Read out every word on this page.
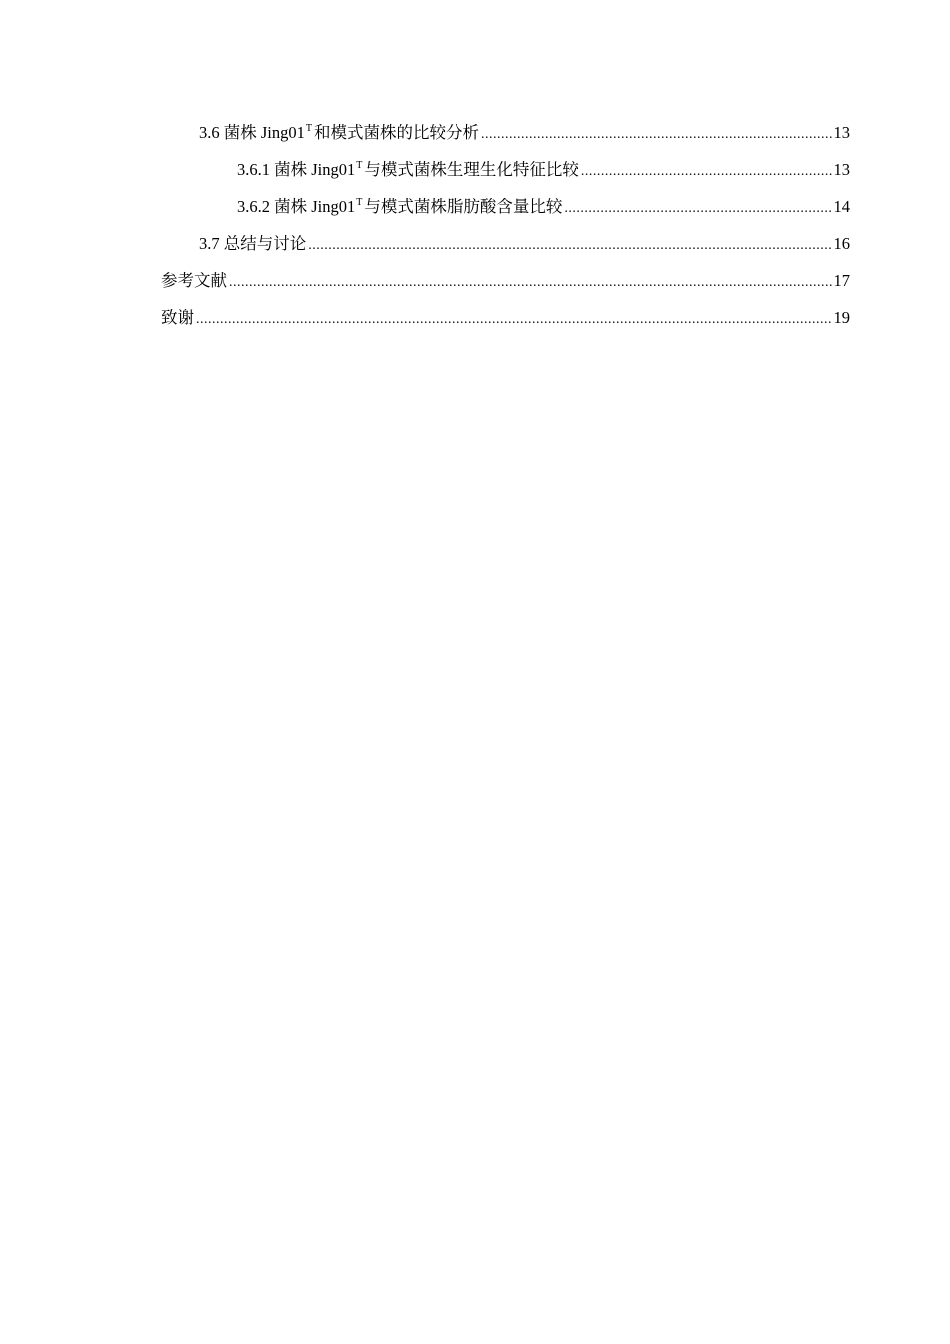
3.6 菌株 $Jing01^T$ 和模式菌株的比较分析 .....	13
3.6.1 菌株 $Jing01^T$ 与模式菌株生理生化特征比较 .....	13
3.6.2 菌株 $Jing01^T$ 与模式菌株脂肪酸含量比较 .....	14
3.7 总结与讨论 .....	16
参考文献 .....	17
致谢 .....	19
